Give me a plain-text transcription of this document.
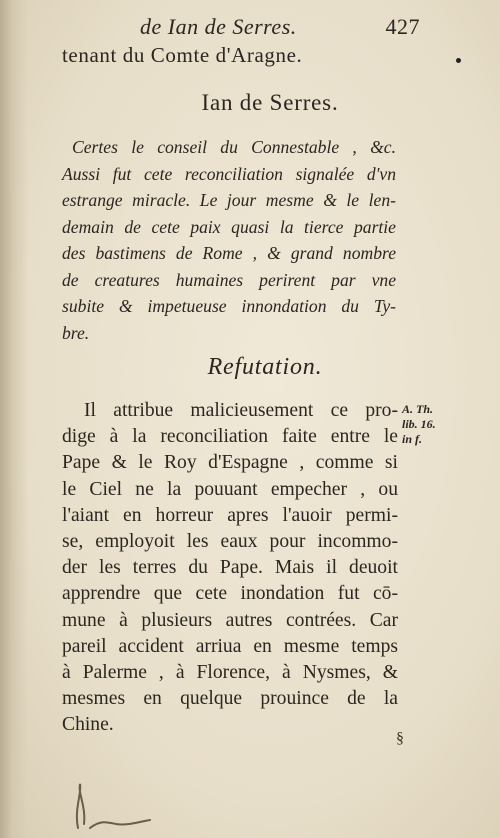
de Ian de Serres.	427
tenant du Comte d'Aragne.
Ian de Serres.
Certes le conseil du Connestable , &c.
Aussi fut cete reconciliation signalée d'vn
estrange miracle. Le jour mesme & le len-
demain de cete paix quasi la tierce partie
des bastimens de Rome , & grand nombre
de creatures humaines perirent par vne
subite & impetueuse innondation du Ty-
bre.
Refutation.
Il attribue malicieusement ce pro-
dige à la reconciliation faite entre le
Pape & le Roy d'Espagne , comme si
le Ciel ne la pouuant empecher , ou
l'aiant en horreur apres l'auoir permi-
se, employoit les eaux pour incommo-
der les terres du Pape. Mais il deuoit
apprendre que cete inondation fut cō-
mune à plusieurs autres contrées. Car
pareil accident arriua en mesme temps
à Palerme , à Florence, à Nysmes, &
mesmes en quelque prouince de la
Chine.
A. Th.
lib. 16.
in f.
§
